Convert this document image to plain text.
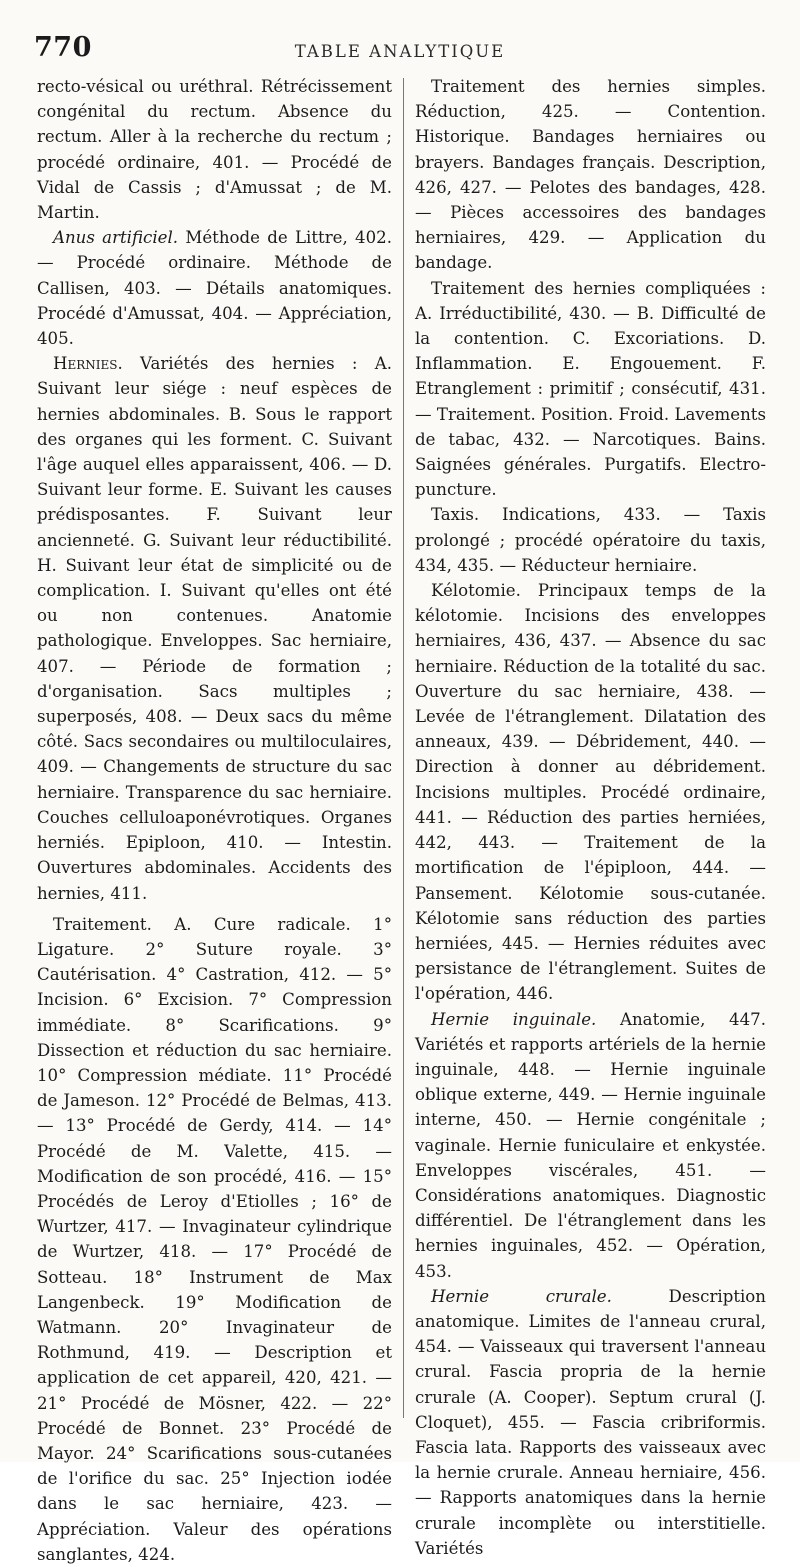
770	TABLE ANALYTIQUE

recto-vésical ou uréthral. Rétrécissement congénital du rectum. Absence du rectum. Aller à la recherche du rectum ; procédé ordinaire, 401. — Procédé de Vidal de Cassis ; d'Amussat ; de M. Martin.

Anus artificiel. Méthode de Littre, 402. — Procédé ordinaire. Méthode de Callisen, 403. — Détails anatomiques. Procédé d'Amussat, 404. — Appréciation, 405.

Hernies. Variétés des hernies : A. Suivant leur siége : neuf espèces de hernies abdominales. B. Sous le rapport des organes qui les forment. C. Suivant l'âge auquel elles apparaissent, 406. — D. Suivant leur forme. E. Suivant les causes prédisposantes. F. Suivant leur ancienneté. G. Suivant leur réductibilité. H. Suivant leur état de simplicité ou de complication. I. Suivant qu'elles ont été ou non contenues. Anatomie pathologique. Enveloppes. Sac herniaire, 407. — Période de formation ; d'organisation. Sacs multiples ; superposés, 408. — Deux sacs du même côté. Sacs secondaires ou multiloculaires, 409. — Changements de structure du sac herniaire. Transparence du sac herniaire. Couches celluloaponévrotiques. Organes herniés. Epiploon, 410. — Intestin. Ouvertures abdominales. Accidents des hernies, 411.

Traitement. A. Cure radicale. 1° Ligature. 2° Suture royale. 3° Cautérisation. 4° Castration, 412. — 5° Incision. 6° Excision. 7° Compression immédiate. 8° Scarifications. 9° Dissection et réduction du sac herniaire. 10° Compression médiate. 11° Procédé de Jameson. 12° Procédé de Belmas, 413. — 13° Procédé de Gerdy, 414. — 14° Procédé de M. Valette, 415. — Modification de son procédé, 416. — 15° Procédés de Leroy d'Etiolles ; 16° de Wurtzer, 417. — Invaginateur cylindrique de Wurtzer, 418. — 17° Procédé de Sotteau. 18° Instrument de Max Langenbeck. 19° Modification de Watmann. 20° Invaginateur de Rothmund, 419. — Description et application de cet appareil, 420, 421. — 21° Procédé de Mösner, 422. — 22° Procédé de Bonnet. 23° Procédé de Mayor. 24° Scarifications sous-cutanées de l'orifice du sac. 25° Injection iodée dans le sac herniaire, 423. — Appréciation. Valeur des opérations sanglantes, 424.

Traitement des hernies simples. Réduction, 425. — Contention. Historique. Bandages herniaires ou brayers. Bandages français. Description, 426, 427. — Pelotes des bandages, 428. — Pièces accessoires des bandages herniaires, 429. — Application du bandage.

Traitement des hernies compliquées : A. Irréductibilité, 430. — B. Difficulté de la contention. C. Excoriations. D. Inflammation. E. Engouement. F. Etranglement : primitif ; consécutif, 431. — Traitement. Position. Froid. Lavements de tabac, 432. — Narcotiques. Bains. Saignées générales. Purgatifs. Electro-puncture.

Taxis. Indications, 433. — Taxis prolongé ; procédé opératoire du taxis, 434, 435. — Réducteur herniaire.

Kélotomie. Principaux temps de la kélotomie. Incisions des enveloppes herniaires, 436, 437. — Absence du sac herniaire. Réduction de la totalité du sac. Ouverture du sac herniaire, 438. — Levée de l'étranglement. Dilatation des anneaux, 439. — Débridement, 440. — Direction à donner au débridement. Incisions multiples. Procédé ordinaire, 441. — Réduction des parties herniées, 442, 443. — Traitement de la mortification de l'épiploon, 444. — Pansement. Kélotomie sous-cutanée. Kélotomie sans réduction des parties herniées, 445. — Hernies réduites avec persistance de l'étranglement. Suites de l'opération, 446.

Hernie inguinale. Anatomie, 447. Variétés et rapports artériels de la hernie inguinale, 448. — Hernie inguinale oblique externe, 449. — Hernie inguinale interne, 450. — Hernie congénitale ; vaginale. Hernie funiculaire et enkystée. Enveloppes viscérales, 451. — Considérations anatomiques. Diagnostic différentiel. De l'étranglement dans les hernies inguinales, 452. — Opération, 453.

Hernie crurale. Description anatomique. Limites de l'anneau crural, 454. — Vaisseaux qui traversent l'anneau crural. Fascia propria de la hernie crurale (A. Cooper). Septum crural (J. Cloquet), 455. — Fascia cribriformis. Fascia lata. Rapports des vaisseaux avec la hernie crurale. Anneau herniaire, 456. — Rapports anatomiques dans la hernie crurale incomplète ou interstitielle. Variétés
